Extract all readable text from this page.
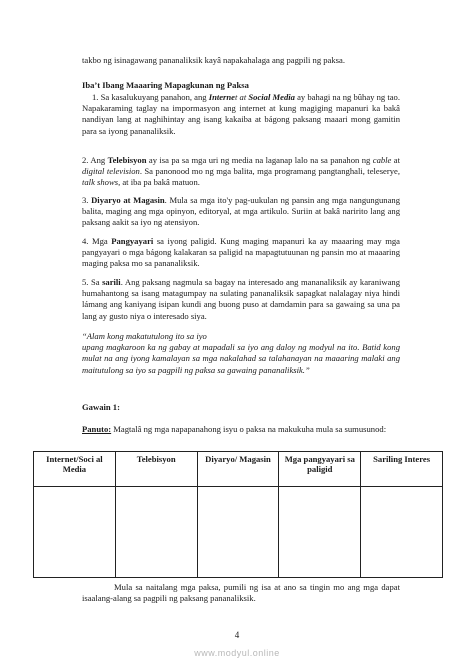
takbo ng isinagawang pananaliksik kayâ napakahalaga ang pagpili ng paksa.

Iba’t Ibang Maaaring Mapagkunan ng Paksa

1. Sa kasalukuyang panahon, ang Internet at Social Media ay bahagi na ng bûhay ng tao. Napakaraming taglay na impormasyon ang internet at kung magiging mapanuri ka bakâ nandiyan lang at naghihintay ang isang kakaiba at bágong paksang maaari mong gamitin para sa iyong pananaliksik.

2. Ang Telebisyon ay isa pa sa mga uri ng media na laganap lalo na sa panahon ng cable at digital television. Sa panonood mo ng mga balita, mga programang pangtanghali, teleserye, talk shows, at iba pa bakâ matuon.

3. Diyaryo at Magasin. Mula sa mga ito'y pag-uukulan ng pansin ang mga nangungunang balita, maging ang mga opinyon, editoryal, at mga artikulo. Suriin at bakâ naririto lang ang paksang aakit sa iyo ng atensiyon.

4. Mga Pangyayari sa iyong paligid. Kung maging mapanuri ka ay maaaring may mga pangyayari o mga bágong kalakaran sa paligid na mapagtutuunan ng pansin mo at maaaring maging paksa mo sa pananaliksik.

5. Sa sarili. Ang paksang nagmula sa bagay na interesado ang mananaliksik ay karaniwang humahantong sa isang matagumpay na sulating pananaliksik sapagkat nalalagay niya hindi lámang ang kaniyang isipan kundi ang buong puso at damdamin para sa gawaing sa una pa lang ay gusto niya o interesado siya.

“Alam kong makatutulong ito sa iyo

upang magkaroon ka ng gabay at mapadali sa iyo ang daloy ng modyul na ito. Batid kong mulat na ang iyong kamalayan sa mga nakalahad sa talahanayan na maaaring malaki ang maitutulong sa iyo sa pagpili ng paksa sa gawaing pananaliksik.”

Gawain 1:

Panuto: Magtalâ ng mga napapanahong isyu o paksa na makukuha mula sa sumusunod:

Internet/Soci al Media	Telebisyon	Diyaryo/ Magasin	Mga pangyayari sa paligid	Sariling Interes

Mula sa naitalang mga paksa, pumili ng isa at ano sa tingin mo ang mga dapat isaalang-alang sa pagpili ng paksang pananaliksik.

4
www.modyul.online
